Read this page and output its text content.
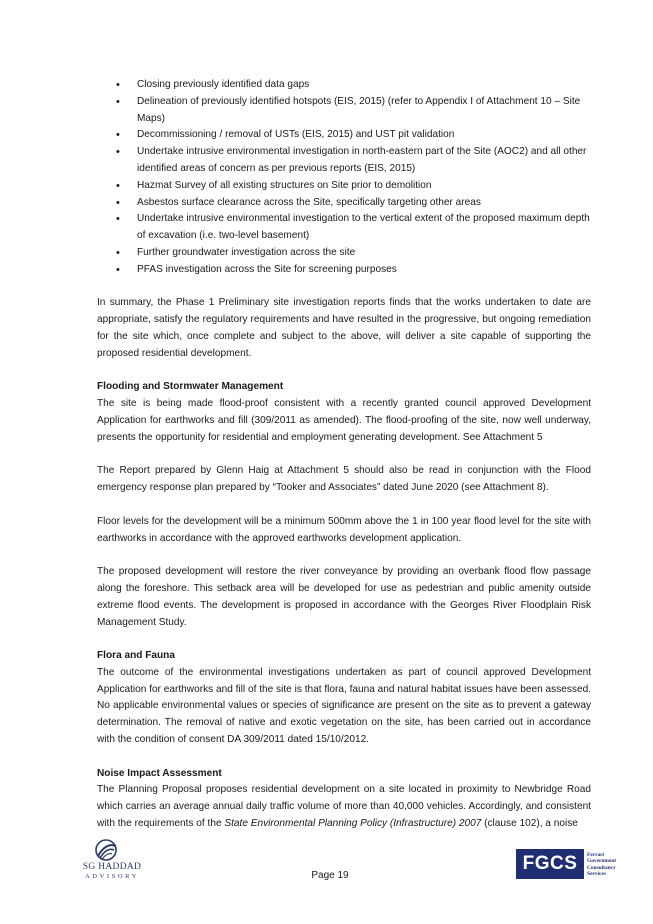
• Closing previously identified data gaps
• Delineation of previously identified hotspots (EIS, 2015) (refer to Appendix I of Attachment 10 – Site Maps)
• Decommissioning / removal of USTs (EIS, 2015) and UST pit validation
• Undertake intrusive environmental investigation in north-eastern part of the Site (AOC2) and all other identified areas of concern as per previous reports (EIS, 2015)
• Hazmat Survey of all existing structures on Site prior to demolition
• Asbestos surface clearance across the Site, specifically targeting other areas
• Undertake intrusive environmental investigation to the vertical extent of the proposed maximum depth of excavation (i.e. two-level basement)
• Further groundwater investigation across the site
• PFAS investigation across the Site for screening purposes

In summary, the Phase 1 Preliminary site investigation reports finds that the works undertaken to date are appropriate, satisfy the regulatory requirements and have resulted in the progressive, but ongoing remediation for the site which, once complete and subject to the above, will deliver a site capable of supporting the proposed residential development.

Flooding and Stormwater Management

The site is being made flood-proof consistent with a recently granted council approved Development Application for earthworks and fill (309/2011 as amended). The flood-proofing of the site, now well underway, presents the opportunity for residential and employment generating development. See Attachment 5

The Report prepared by Glenn Haig at Attachment 5 should also be read in conjunction with the Flood emergency response plan prepared by “Tooker and Associates” dated June 2020 (see Attachment 8).

Floor levels for the development will be a minimum 500mm above the 1 in 100 year flood level for the site with earthworks in accordance with the approved earthworks development application.

The proposed development will restore the river conveyance by providing an overbank flood flow passage along the foreshore. This setback area will be developed for use as pedestrian and public amenity outside extreme flood events. The development is proposed in accordance with the Georges River Floodplain Risk Management Study.

Flora and Fauna

The outcome of the environmental investigations undertaken as part of council approved Development Application for earthworks and fill of the site is that flora, fauna and natural habitat issues have been assessed. No applicable environmental values or species of significance are present on the site as to prevent a gateway determination. The removal of native and exotic vegetation on the site, has been carried out in accordance with the condition of consent DA 309/2011 dated 15/10/2012.

Noise Impact Assessment

The Planning Proposal proposes residential development on a site located in proximity to Newbridge Road which carries an average annual daily traffic volume of more than 40,000 vehicles. Accordingly, and consistent with the requirements of the State Environmental Planning Policy (Infrastructure) 2007 (clause 102), a noise

SG HADDAD
ADVISORY	Page 19
FGCS	Ferrari
Government
Consultancy
Services
